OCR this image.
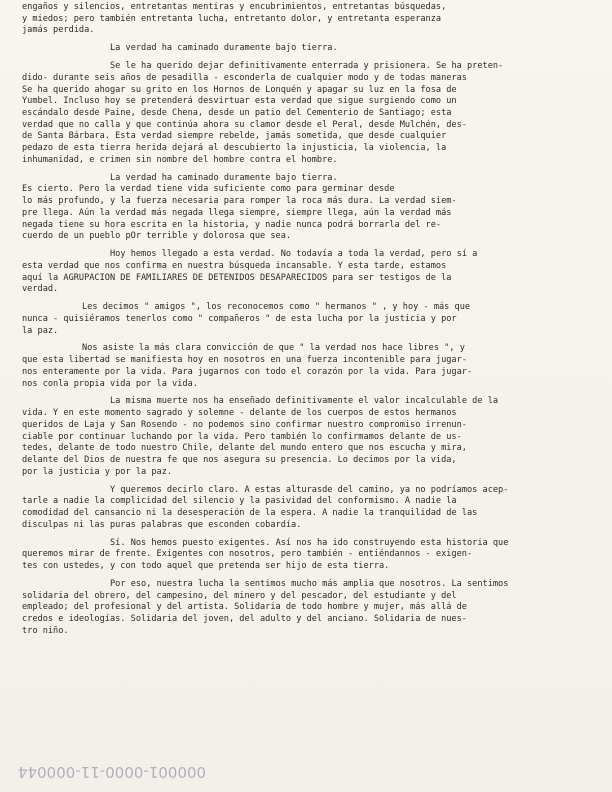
engaños y silencios, entretantas mentiras y encubrimientos, entretantas búsquedas,
y miedos; pero también entretanta lucha, entretanto dolor, y entretanta esperanza
jamás perdida.
La verdad ha caminado duramente bajo tierra.
Se le ha querido dejar definitivamente enterrada y prisionera. Se ha preten-
dido- durante seis años de pesadilla - esconderla de cualquier modo y de todas maneras
Se ha querido ahogar su grito en los Hornos de Lonquén y apagar su luz en la fosa de
Yumbel. Incluso hoy se pretenderá desvirtuar esta verdad que sigue surgiendo como un
escándalo desde Paine, desde Chena, desde un patio del Cementerio de Santiago; esta
verdad que no calla y que continúa ahora su clamor desde el Peral, desde Mulchén, des-
de Santa Bárbara. Esta verdad siempre rebelde, jamás sometida, que desde cualquier
pedazo de esta tierra herida dejará al descubierto la injusticia, la violencia, la
inhumanidad, e crimen sin nombre del hombre contra el hombre.
La verdad ha caminado duramente bajo tierra.
Es cierto. Pero la verdad tiene vida suficiente como para germinar desde
lo más profundo, y la fuerza necesaria para romper la roca más dura. La verdad siem-
pre llega. Aún la verdad más negada llega siempre, siempre llega, aún la verdad más
negada tiene su hora escrita en la historia, y nadie nunca podrá borrarla del re-
cuerdo de un pueblo pOr terrible y dolorosa que sea.
Hoy hemos llegado a esta verdad. No todavía a toda la verdad, pero sí a
esta verdad que nos confirma en nuestra búsqueda incansable. Y esta tarde, estamos
aquí la AGRUPACION DE FAMILIARES DE DETENIDOS DESAPARECIDOS para ser testigos de la
verdad.
Les decimos " amigos ", los reconocemos como " hermanos " , y hoy - más que
nunca - quisiéramos tenerlos como " compañeros " de esta lucha por la justicia y por
la paz.
Nos asiste la más clara convicción de que " la verdad nos hace libres ", y
que esta libertad se manifiesta hoy en nosotros en una fuerza incontenible para jugar-
nos enteramente por la vida. Para jugarnos con todo el corazón por la vida. Para jugar-
nos conla propia vida por la vida.
La misma muerte nos ha enseñado definitivamente el valor incalculable de la
vida. Y en este momento sagrado y solemne - delante de los cuerpos de estos hermanos
queridos de Laja y San Rosendo - no podemos sino confirmar nuestro compromiso irrenun-
ciable por continuar luchando por la vida. Pero también lo confirmamos delante de us-
tedes, delante de todo nuestro Chile, delante del mundo entero que nos escucha y mira,
delante del Dios de nuestra fe que nos asegura su presencia. Lo decimos por la vida,
por la justicia y por la paz.
Y queremos decirlo claro. A estas alturasde del camino, ya no podríamos acep-
tarle a nadie la complicidad del silencio y la pasividad del conformismo. A nadie la
comodidad del cansancio ni la desesperación de la espera. A nadie la tranquilidad de las
disculpas ni las puras palabras que esconden cobardía.
Sí. Nos hemos puesto exigentes. Así nos ha ido construyendo esta historia que
queremos mirar de frente. Exigentes con nosotros, pero también - entiéndannos - exigen-
tes con ustedes, y con todo aquel que pretenda ser hijo de esta tierra.
Por eso, nuestra lucha la sentimos mucho más amplia que nosotros. La sentimos
solidaria del obrero, del campesino, del minero y del pescador, del estudiante y del
empleado; del profesional y del artista. Solidaria de todo hombre y mujer, más allá de
credos e ideologías. Solidaria del joven, del adulto y del anciano. Solidaria de nues-
tro niño.
000001-0000-11-000044
